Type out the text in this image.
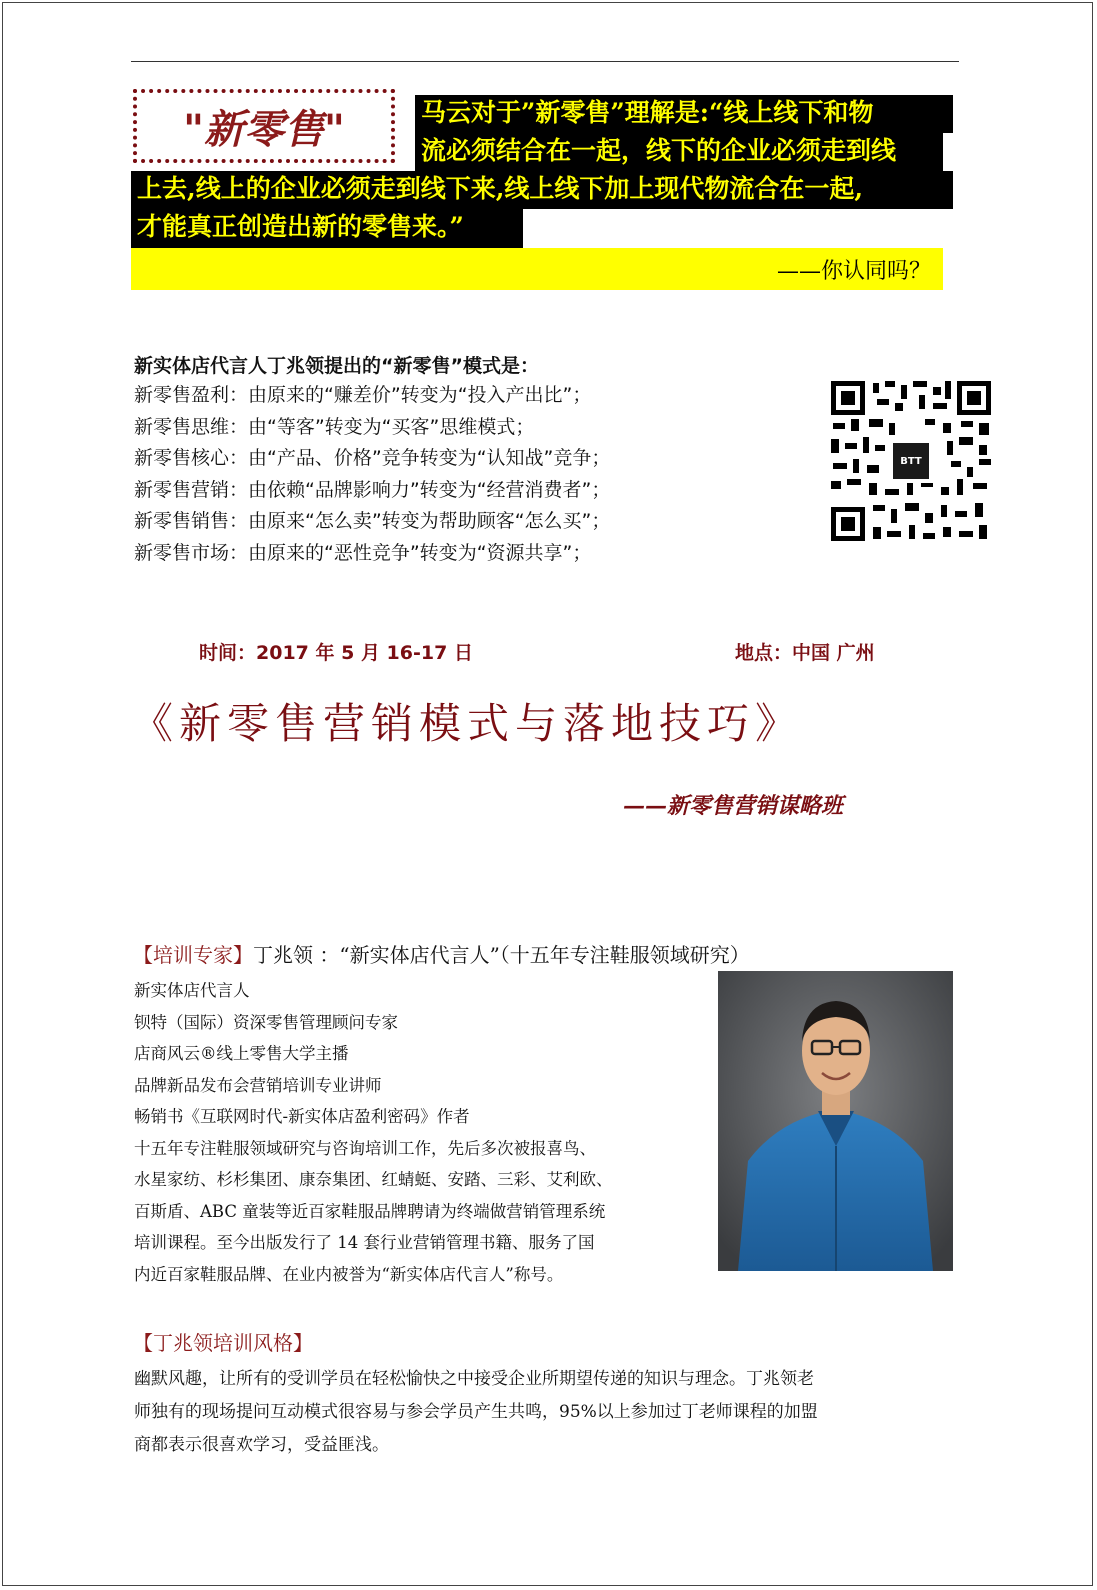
"新零售"	马云对于”新零售”理解是:“线上线下和物
流必须结合在一起，线下的企业必须走到线
上去,线上的企业必须走到线下来,线上线下加上现代物流合在一起,
才能真正创造出新的零售来。”
——你认同吗？
新实体店代言人丁兆领提出的“新零售”模式是：
新零售盈利：由原来的“赚差价”转变为“投入产出比”；
新零售思维：由“等客”转变为“买客”思维模式；
新零售核心：由“产品、价格”竞争转变为“认知战”竞争；
新零售营销：由依赖“品牌影响力”转变为“经营消费者”；
新零售销售：由原来“怎么卖”转变为帮助顾客“怎么买”；
新零售市场：由原来的“恶性竞争”转变为“资源共享”；
BTT
时间：2017 年 5 月 16-17 日	地点：中国 广州
《新零售营销模式与落地技巧》
——新零售营销谋略班
【培训专家】丁兆领 ：“新实体店代言人”（十五年专注鞋服领域研究）
新实体店代言人
钡特（国际）资深零售管理顾问专家
店商风云®线上零售大学主播
品牌新品发布会营销培训专业讲师
畅销书《互联网时代-新实体店盈利密码》作者
十五年专注鞋服领域研究与咨询培训工作，先后多次被报喜鸟、
水星家纺、杉杉集团、康奈集团、红蜻蜓、安踏、三彩、艾利欧、
百斯盾、ABC 童装等近百家鞋服品牌聘请为终端做营销管理系统
培训课程。至今出版发行了 14 套行业营销管理书籍、服务了国
内近百家鞋服品牌、在业内被誉为“新实体店代言人”称号。
【丁兆领培训风格】
幽默风趣，让所有的受训学员在轻松愉快之中接受企业所期望传递的知识与理念。丁兆领老
师独有的现场提问互动模式很容易与参会学员产生共鸣，95%以上参加过丁老师课程的加盟
商都表示很喜欢学习，受益匪浅。
